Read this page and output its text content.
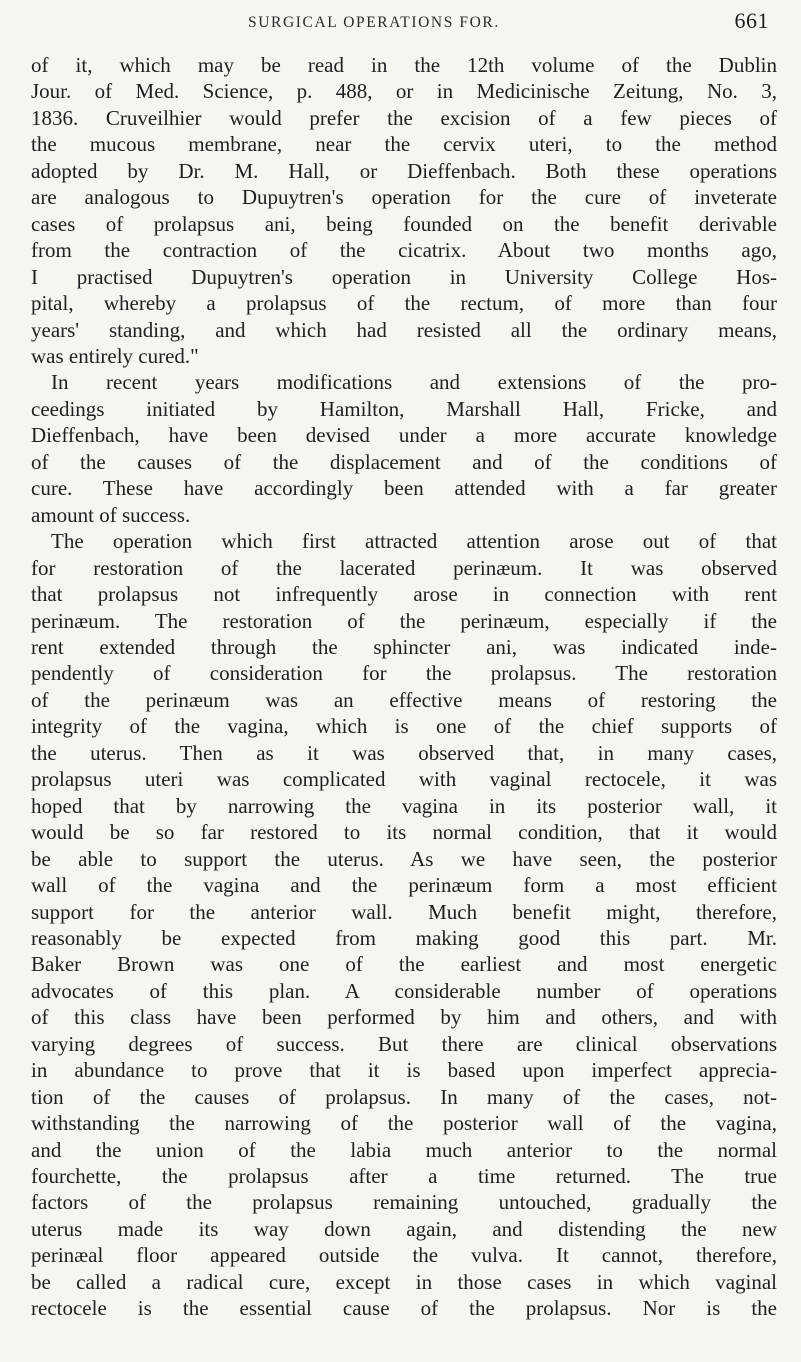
SURGICAL OPERATIONS FOR.	661
of it, which may be read in the 12th volume of the Dublin
Jour. of Med. Science, p. 488, or in Medicinische Zeitung, No. 3,
1836. Cruveilhier would prefer the excision of a few pieces of
the mucous membrane, near the cervix uteri, to the method
adopted by Dr. M. Hall, or Dieffenbach. Both these operations
are analogous to Dupuytren's operation for the cure of inveterate
cases of prolapsus ani, being founded on the benefit derivable
from the contraction of the cicatrix. About two months ago,
I practised Dupuytren's operation in University College Hos-
pital, whereby a prolapsus of the rectum, of more than four
years' standing, and which had resisted all the ordinary means,
was entirely cured."
In recent years modifications and extensions of the pro-
ceedings initiated by Hamilton, Marshall Hall, Fricke, and
Dieffenbach, have been devised under a more accurate knowledge
of the causes of the displacement and of the conditions of
cure. These have accordingly been attended with a far greater
amount of success.
The operation which first attracted attention arose out of that
for restoration of the lacerated perinæum. It was observed
that prolapsus not infrequently arose in connection with rent
perinæum. The restoration of the perinæum, especially if the
rent extended through the sphincter ani, was indicated inde-
pendently of consideration for the prolapsus. The restoration
of the perinæum was an effective means of restoring the
integrity of the vagina, which is one of the chief supports of
the uterus. Then as it was observed that, in many cases,
prolapsus uteri was complicated with vaginal rectocele, it was
hoped that by narrowing the vagina in its posterior wall, it
would be so far restored to its normal condition, that it would
be able to support the uterus. As we have seen, the posterior
wall of the vagina and the perinæum form a most efficient
support for the anterior wall. Much benefit might, therefore,
reasonably be expected from making good this part. Mr.
Baker Brown was one of the earliest and most energetic
advocates of this plan. A considerable number of operations
of this class have been performed by him and others, and with
varying degrees of success. But there are clinical observations
in abundance to prove that it is based upon imperfect apprecia-
tion of the causes of prolapsus. In many of the cases, not-
withstanding the narrowing of the posterior wall of the vagina,
and the union of the labia much anterior to the normal
fourchette, the prolapsus after a time returned. The true
factors of the prolapsus remaining untouched, gradually the
uterus made its way down again, and distending the new
perinæal floor appeared outside the vulva. It cannot, therefore,
be called a radical cure, except in those cases in which vaginal
rectocele is the essential cause of the prolapsus. Nor is the
